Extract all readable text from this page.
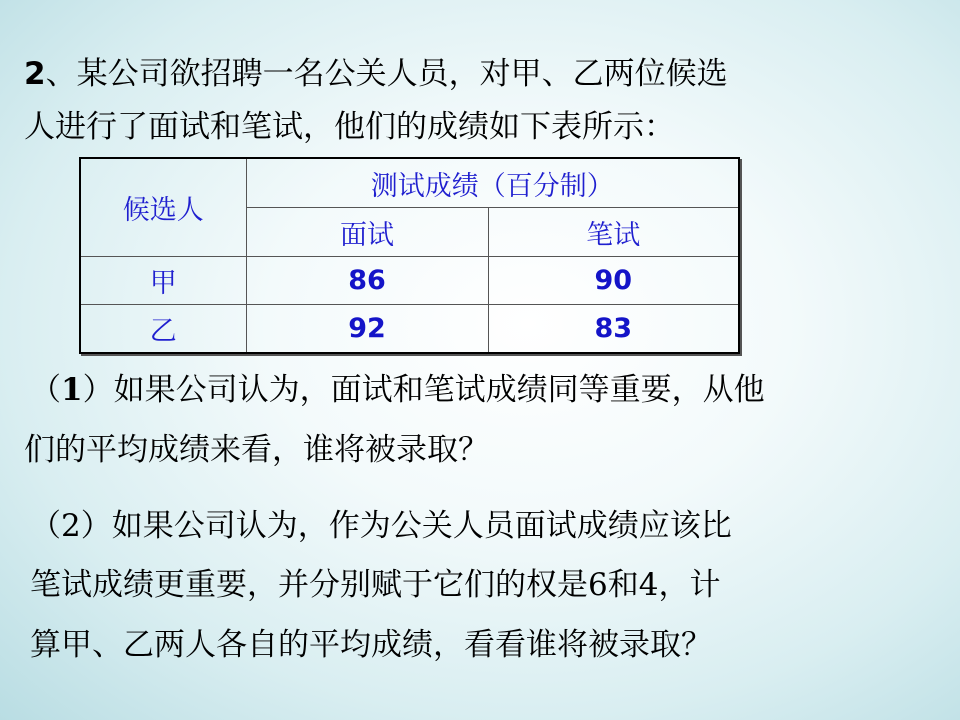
2、某公司欲招聘一名公关人员，对甲、乙两位候选

人进行了面试和笔试，他们的成绩如下表所示：

候选人	测试成绩（百分制）	
	面试	笔试
甲	86	90
乙	92	83

（1）如果公司认为，面试和笔试成绩同等重要，从他

们的平均成绩来看，谁将被录取？

（2）如果公司认为，作为公关人员面试成绩应该比

笔试成绩更重要，并分别赋于它们的权是6和4，计

算甲、乙两人各自的平均成绩，看看谁将被录取？
